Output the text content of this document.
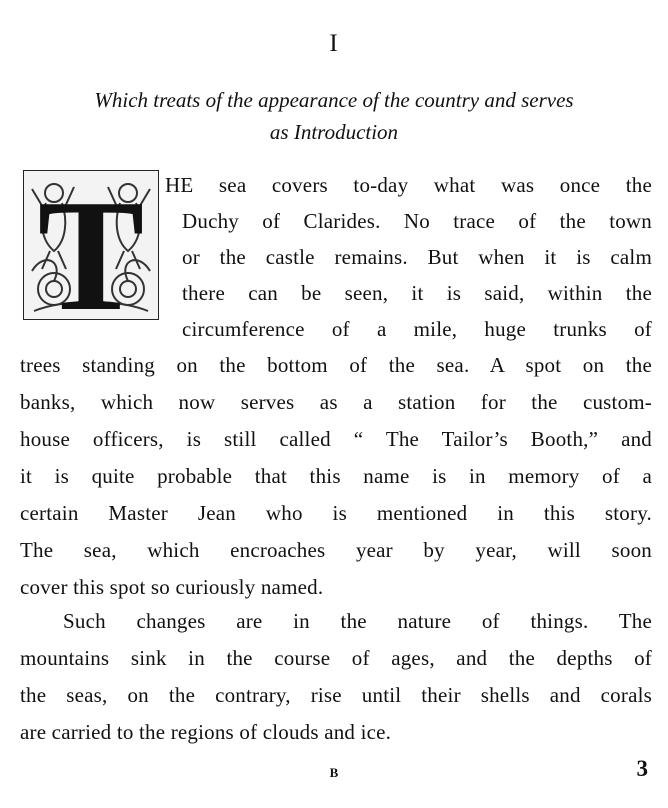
I
Which treats of the appearance of the country and serves
as Introduction
T HE sea covers to-day what was once the
Duchy of Clarides. No trace of the town
or the castle remains. But when it is calm
there can be seen, it is said, within the
circumference of a mile, huge trunks of
trees standing on the bottom of the sea. A spot on the
banks, which now serves as a station for the custom-
house officers, is still called “ The Tailor’s Booth,” and
it is quite probable that this name is in memory of a
certain Master Jean who is mentioned in this story.
The sea, which encroaches year by year, will soon
cover this spot so curiously named.
Such changes are in the nature of things. The
mountains sink in the course of ages, and the depths of
the seas, on the contrary, rise until their shells and corals
are carried to the regions of clouds and ice.
B	3
